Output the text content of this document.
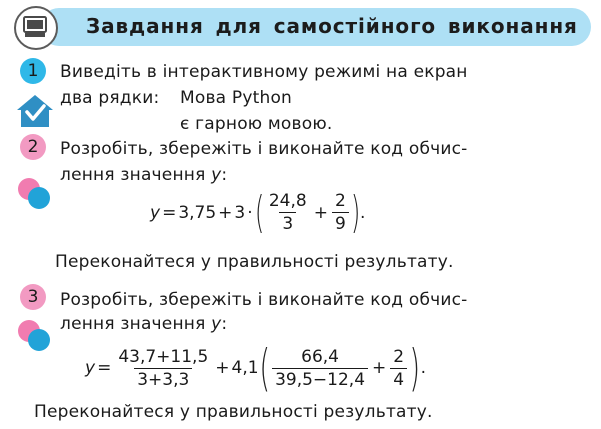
Завдання для самостійного виконання
1	Виведіть в інтерактивному режимі на екран
два рядки: Мова Python
є гарною мовою.
2	Розробіть, збережіть і виконайте код обчис-
лення значення y:
y = 3,75 + 3 · ( $\frac{24,8}{3} + \frac{2}{9}$ ) .
Переконайтеся у правильності результату.
3	Розробіть, збережіть і виконайте код обчис-
лення значення y:
$y = \frac{43,7+11,5}{3+3,3} + 4,1$ ( $\frac{66,4}{39,5-12,4} + \frac{2}{4}$ ) .
Переконайтеся у правильності результату.
